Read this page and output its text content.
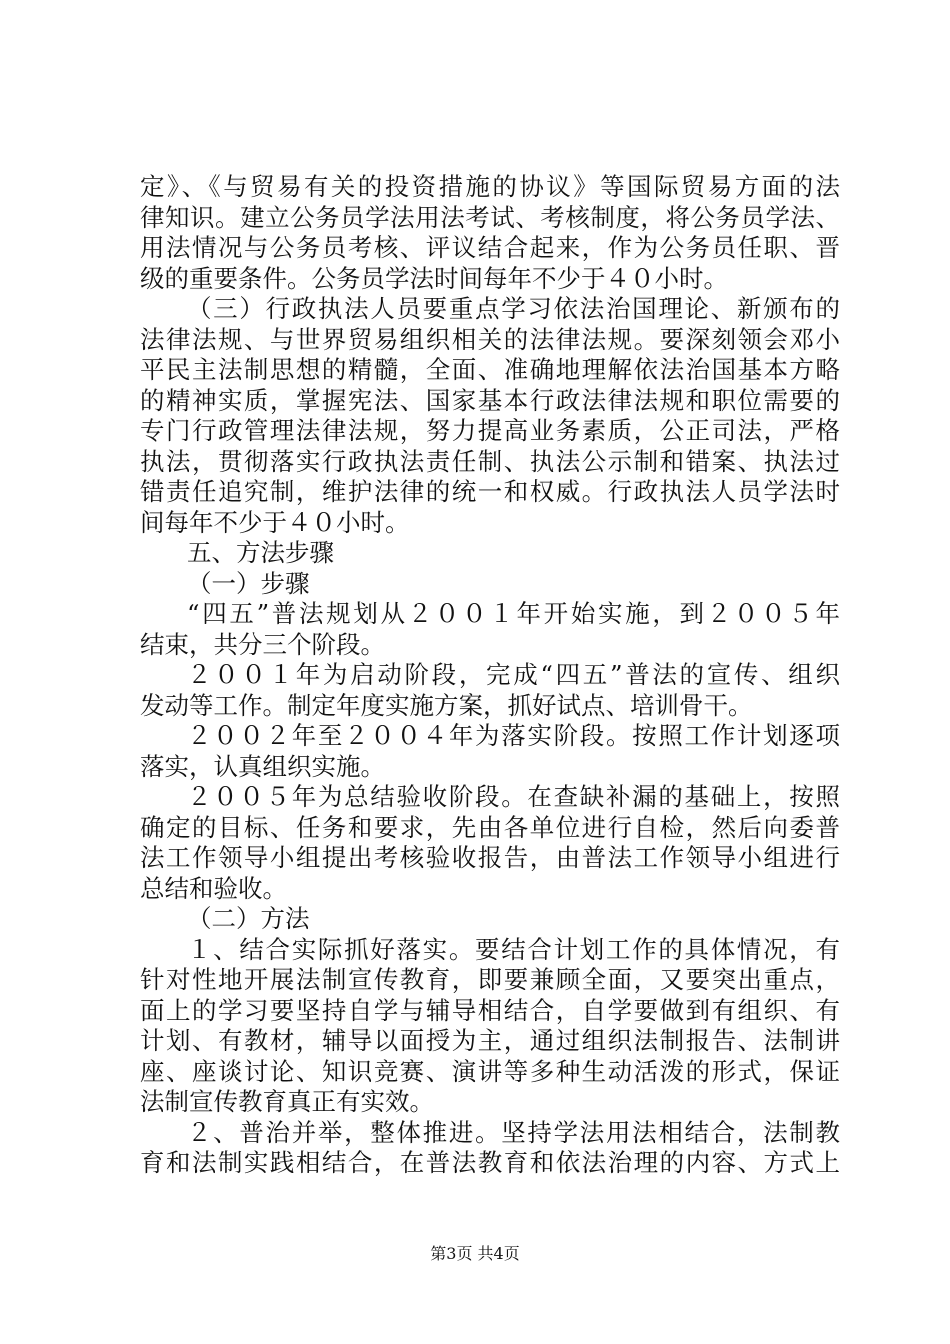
定》、《与贸易有关的投资措施的协议》等国际贸易方面的法
律知识。建立公务员学法用法考试、考核制度，将公务员学法、
用法情况与公务员考核、评议结合起来，作为公务员任职、晋
级的重要条件。公务员学法时间每年不少于４０小时。
（三）行政执法人员要重点学习依法治国理论、新颁布的
法律法规、与世界贸易组织相关的法律法规。要深刻领会邓小
平民主法制思想的精髓，全面、准确地理解依法治国基本方略
的精神实质，掌握宪法、国家基本行政法律法规和职位需要的
专门行政管理法律法规，努力提高业务素质，公正司法，严格
执法，贯彻落实行政执法责任制、执法公示制和错案、执法过
错责任追究制，维护法律的统一和权威。行政执法人员学法时
间每年不少于４０小时。
五、方法步骤
（一）步骤
“四五”普法规划从２００１年开始实施，到２００５年
结束，共分三个阶段。
２００１年为启动阶段，完成“四五”普法的宣传、组织
发动等工作。制定年度实施方案，抓好试点、培训骨干。
２００２年至２００４年为落实阶段。按照工作计划逐项
落实，认真组织实施。
２００５年为总结验收阶段。在查缺补漏的基础上，按照
确定的目标、任务和要求，先由各单位进行自检，然后向委普
法工作领导小组提出考核验收报告，由普法工作领导小组进行
总结和验收。
（二）方法
１、结合实际抓好落实。要结合计划工作的具体情况，有
针对性地开展法制宣传教育，即要兼顾全面，又要突出重点，
面上的学习要坚持自学与辅导相结合，自学要做到有组织、有
计划、有教材，辅导以面授为主，通过组织法制报告、法制讲
座、座谈讨论、知识竞赛、演讲等多种生动活泼的形式，保证
法制宣传教育真正有实效。
２、普治并举，整体推进。坚持学法用法相结合，法制教
育和法制实践相结合，在普法教育和依法治理的内容、方式上
第3页 共4页
